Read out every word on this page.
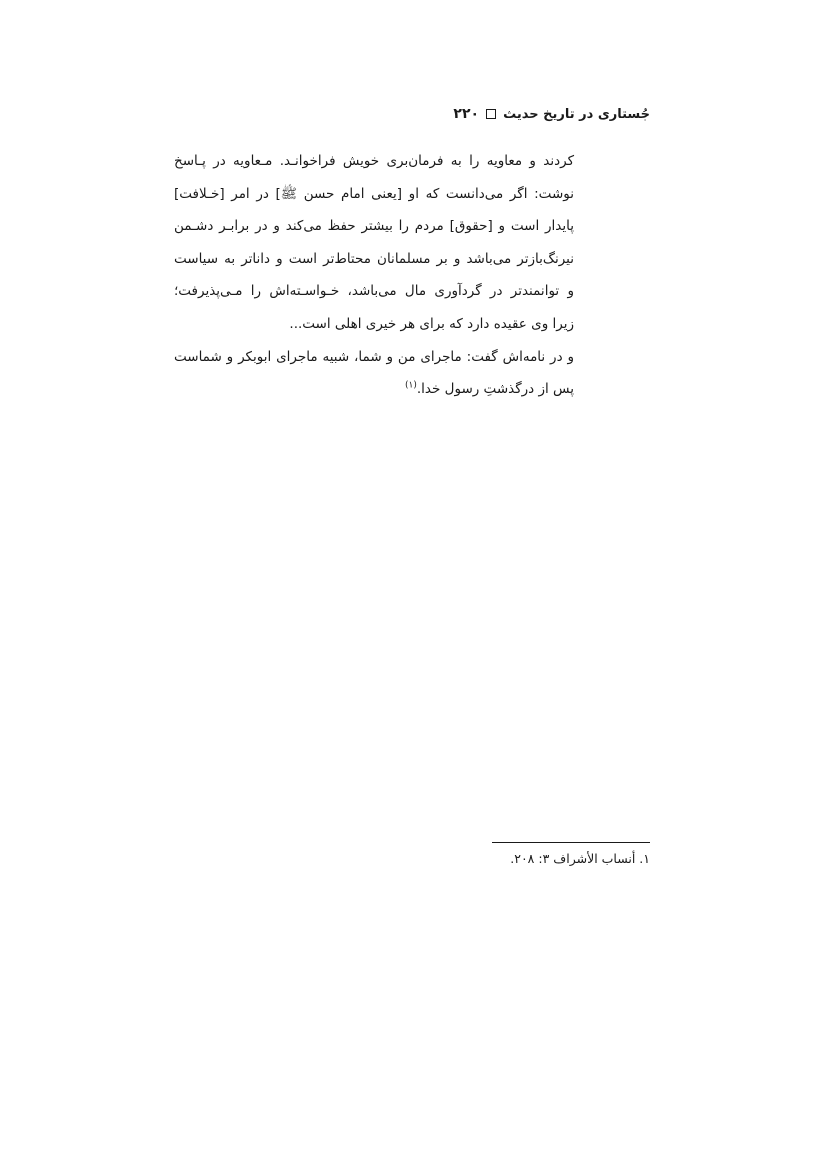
۲۲۰ جُستاری در تاریخ حدیث
کردند و معاویه را به فرمان‌بری خویش فراخوانـد. مـعاویه در پـاسخ
نوشت: اگر می‌دانست که او [یعنی امام حسن ﷺ] در امر [خـلافت]
پایدار است و [حقوق] مردم را بیشتر حفظ می‌کند و در برابـر دشـمن
نیرنگ‌بازتر می‌باشد و بر مسلمانان محتاط‌تر است و داناتر به سیاست
و توانمندتر در گردآوری مال می‌باشد، خـواسـته‌اش را مـی‌پذیرفت؛
زیرا وی عقیده دارد که برای هر خیری اهلی است...
و در نامه‌اش گفت: ماجرای من و شما، شبیه ماجرای ابوبکر و شماست
پس از درگذشتِ رسول خدا.$^{(۱)}$
۱. أنساب الأشراف ۳: ۲۰۸.
